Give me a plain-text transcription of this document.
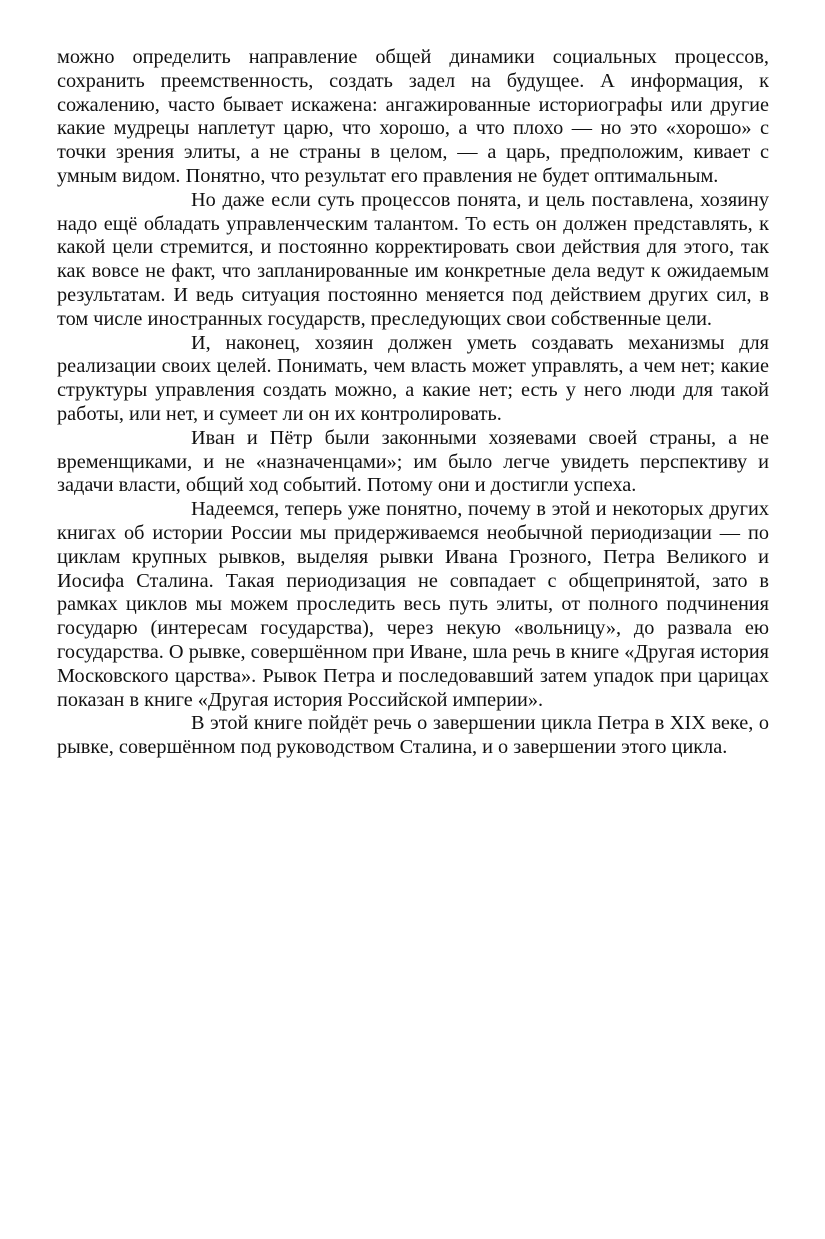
можно определить направление общей динамики социальных процессов, сохранить преемственность, создать задел на будущее. А информация, к сожалению, часто бывает искажена: ангажированные историографы или другие какие мудрецы наплетут царю, что хорошо, а что плохо — но это «хорошо» с точки зрения элиты, а не страны в целом, — а царь, предположим, кивает с умным видом. Понятно, что результат его правления не будет оптимальным.

Но даже если суть процессов понята, и цель поставлена, хозяину надо ещё обладать управленческим талантом. То есть он должен представлять, к какой цели стремится, и постоянно корректировать свои действия для этого, так как вовсе не факт, что запланированные им конкретные дела ведут к ожидаемым результатам. И ведь ситуация постоянно меняется под действием других сил, в том числе иностранных государств, преследующих свои собственные цели.

И, наконец, хозяин должен уметь создавать механизмы для реализации своих целей. Понимать, чем власть может управлять, а чем нет; какие структуры управления создать можно, а какие нет; есть у него люди для такой работы, или нет, и сумеет ли он их контролировать.

Иван и Пётр были законными хозяевами своей страны, а не временщиками, и не «назначенцами»; им было легче увидеть перспективу и задачи власти, общий ход событий. Потому они и достигли успеха.

Надеемся, теперь уже понятно, почему в этой и некоторых других книгах об истории России мы придерживаемся необычной периодизации — по циклам крупных рывков, выделяя рывки Ивана Грозного, Петра Великого и Иосифа Сталина. Такая периодизация не совпадает с общепринятой, зато в рамках циклов мы можем проследить весь путь элиты, от полного подчинения государю (интересам государства), через некую «вольницу», до развала ею государства. О рывке, совершённом при Иване, шла речь в книге «Другая история Московского царства». Рывок Петра и последовавший затем упадок при царицах показан в книге «Другая история Российской империи».

В этой книге пойдёт речь о завершении цикла Петра в XIX веке, о рывке, совершённом под руководством Сталина, и о завершении этого цикла.
